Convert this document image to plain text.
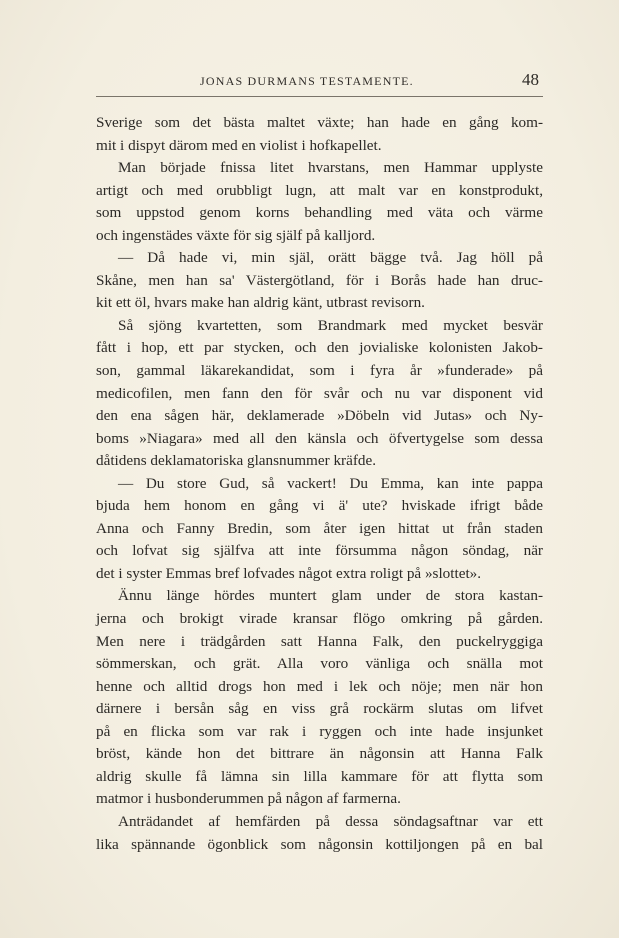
JONAS DURMANS TESTAMENTE.	48
Sverige som det bästa maltet växte; han hade en gång kom-
mit i dispyt därom med en violist i hofkapellet.
Man började fnissa litet hvarstans, men Hammar upplyste
artigt och med orubbligt lugn, att malt var en konstprodukt,
som uppstod genom korns behandling med väta och värme
och ingenstädes växte för sig själf på kalljord.
— Då hade vi, min själ, orätt bägge två. Jag höll på
Skåne, men han sa' Västergötland, för i Borås hade han druc-
kit ett öl, hvars make han aldrig känt, utbrast revisorn.
Så sjöng kvartetten, som Brandmark med mycket besvär
fått i hop, ett par stycken, och den jovialiske kolonisten Jakob-
son, gammal läkarekandidat, som i fyra år »funderade» på
medicofilen, men fann den för svår och nu var disponent vid
den ena sågen här, deklamerade »Döbeln vid Jutas» och Ny-
boms »Niagara» med all den känsla och öfvertygelse som dessa
dåtidens deklamatoriska glansnummer kräfde.
— Du store Gud, så vackert! Du Emma, kan inte pappa
bjuda hem honom en gång vi ä' ute? hviskade ifrigt både
Anna och Fanny Bredin, som åter igen hittat ut från staden
och lofvat sig själfva att inte försumma någon söndag, när
det i syster Emmas bref lofvades något extra roligt på »slottet».
Ännu länge hördes muntert glam under de stora kastan-
jerna och brokigt virade kransar flögo omkring på gården.
Men nere i trädgården satt Hanna Falk, den puckelryggiga
sömmerskan, och grät. Alla voro vänliga och snälla mot
henne och alltid drogs hon med i lek och nöje; men när hon
därnere i bersån såg en viss grå rockärm slutas om lifvet
på en flicka som var rak i ryggen och inte hade insjunket
bröst, kände hon det bittrare än någonsin att Hanna Falk
aldrig skulle få lämna sin lilla kammare för att flytta som
matmor i husbonderummen på någon af farmerna.
Anträdandet af hemfärden på dessa söndagsaftnar var ett
lika spännande ögonblick som någonsin kottiljongen på en bal
